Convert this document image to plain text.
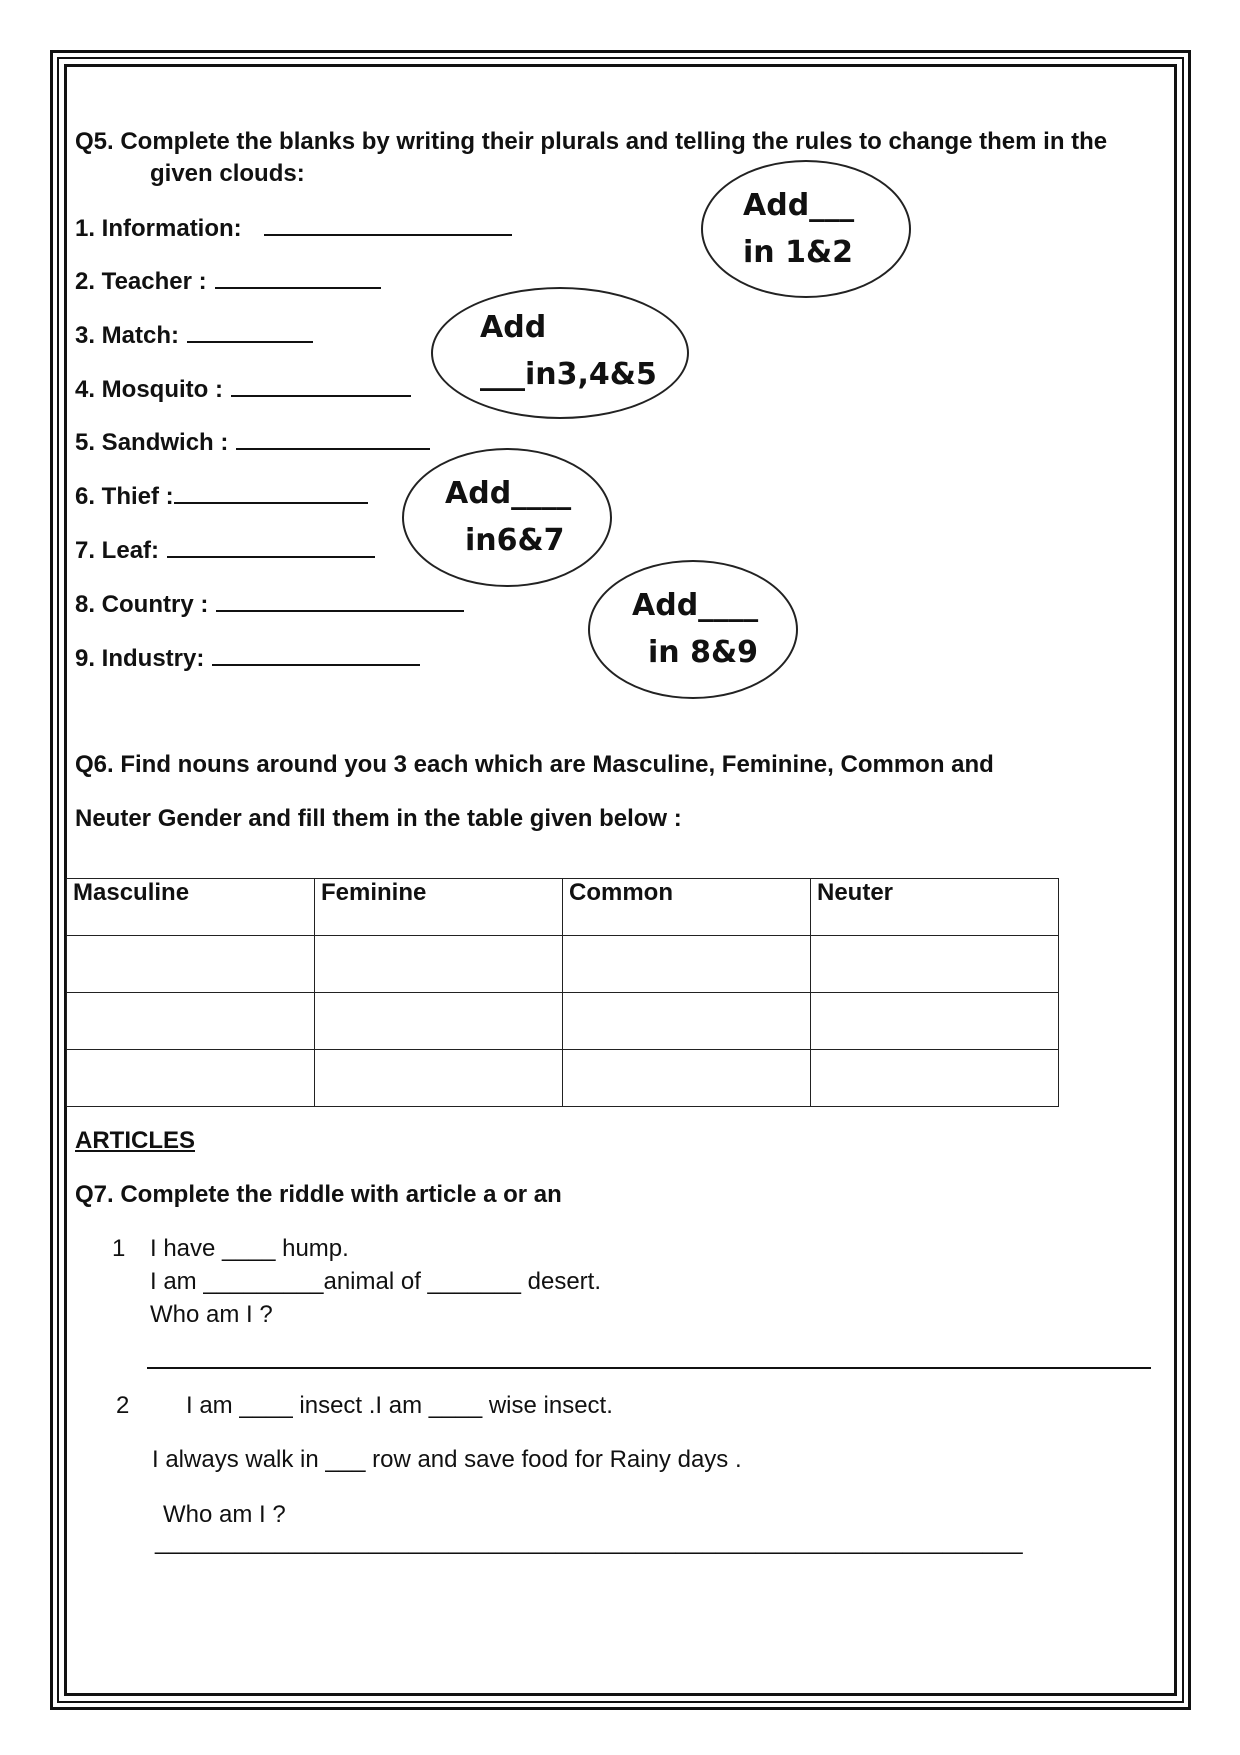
Q5. Complete the blanks by writing their plurals and telling the rules to change them in the
given clouds:
1. Information:
2. Teacher :
3. Match:
4. Mosquito :
5. Sandwich :
6. Thief :
7. Leaf:
8. Country :
9. Industry:
Add___
in 1&2
Add
___in3,4&5
Add____
in6&7
Add____
in 8&9
Q6. Find nouns around you 3 each which are Masculine, Feminine, Common and
Neuter Gender and fill them in the table given below :
Masculine	Feminine	Common	Neuter

ARTICLES
Q7. Complete the riddle with article a or an
1 I have ____ hump.
I am _________animal of _______ desert.
Who am I ?
2 I am ____ insect .I am ____ wise insect.
I always walk in ___ row and save food for Rainy days .
Who am I ?
_________________________________________________________________
